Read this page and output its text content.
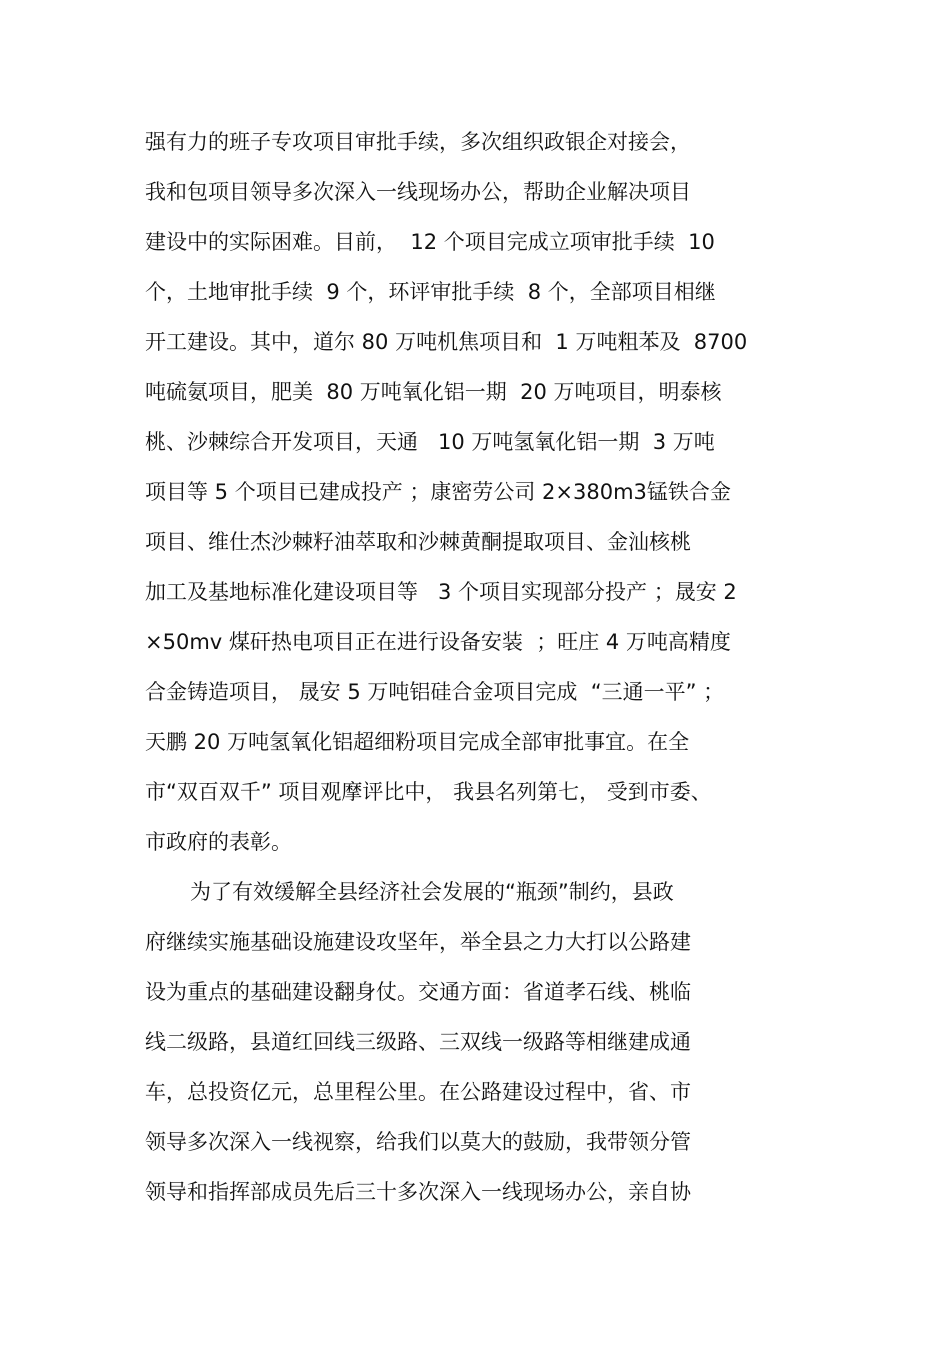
强有力的班子专攻项目审批手续，多次组织政银企对接会，
我和包项目领导多次深入一线现场办公，帮助企业解决项目
建设中的实际困难。目前，  12 个项目完成立项审批手续  10
个，土地审批手续  9 个，环评审批手续  8 个，全部项目相继
开工建设。其中，道尔 80 万吨机焦项目和  1 万吨粗苯及  8700
吨硫氨项目，肥美  80 万吨氧化铝一期  20 万吨项目，明泰核
桃、沙棘综合开发项目，天通   10 万吨氢氧化铝一期  3 万吨
项目等 5 个项目已建成投产 ；康密劳公司 2×380m3锰铁合金
项目、维仕杰沙棘籽油萃取和沙棘黄酮提取项目、金汕核桃
加工及基地标准化建设项目等   3 个项目实现部分投产 ；晟安 2
×50mv 煤矸热电项目正在进行设备安装  ；旺庄 4 万吨高精度
合金铸造项目， 晟安 5 万吨铝硅合金项目完成  “三通一平” ；
天鹏 20 万吨氢氧化铝超细粉项目完成全部审批事宜。在全
市“双百双千” 项目观摩评比中， 我县名列第七， 受到市委、
市政府的表彰。
为了有效缓解全县经济社会发展的“瓶颈”制约，县政
府继续实施基础设施建设攻坚年，举全县之力大打以公路建
设为重点的基础建设翻身仗。交通方面：省道孝石线、桃临
线二级路，县道红回线三级路、三双线一级路等相继建成通
车，总投资亿元，总里程公里。在公路建设过程中，省、市
领导多次深入一线视察，给我们以莫大的鼓励，我带领分管
领导和指挥部成员先后三十多次深入一线现场办公，亲自协
